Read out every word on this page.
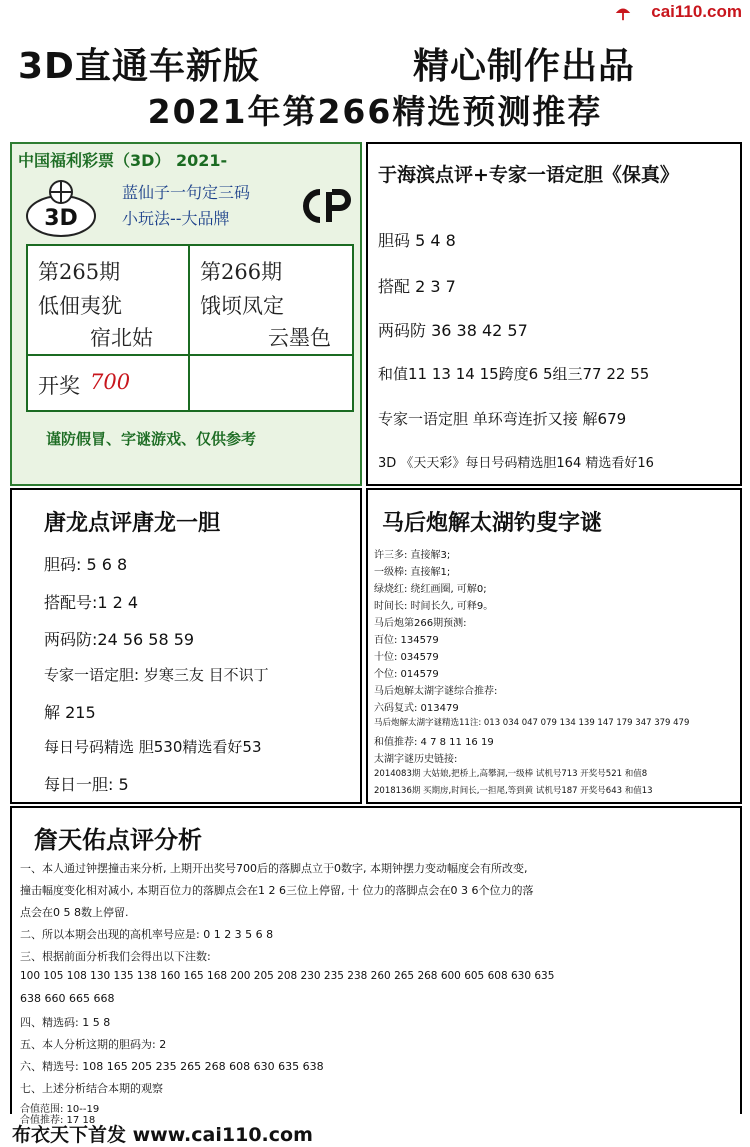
cai110.com
3D直通车新版	精心制作出品
2021年第266精选预测推荐
中国福利彩票（3D） 2021-
3D
蓝仙子一句定三码
小玩法--大品牌
第265期
低佃夷犹
宿北姑
第266期
饿顷凤定
云墨色
开奖 700
谨防假冒、字谜游戏、仅供参考
于海滨点评+专家一语定胆《保真》
胆码 5 4 8
搭配 2 3 7
两码防 36 38 42 57
和值11 13 14 15跨度6 5组三77 22 55
专家一语定胆 单环弯连折又接 解679
3D 《天天彩》每日号码精选胆164 精选看好16
唐龙点评唐龙一胆
胆码: 5 6 8
搭配号:1 2 4
两码防:24 56 58 59
专家一语定胆: 岁寒三友 目不识丁
解 215
每日号码精选 胆530精选看好53
每日一胆: 5
马后炮解太湖钓叟字谜
许三多: 直接解3;
一级棒: 直接解1;
绿烧红: 绕红画圈, 可解0;
时间长: 时间长久, 可释9。
马后炮第266期预测:
百位: 134579
十位: 034579
个位: 014579
马后炮解太湖字谜综合推荐:
六码复式: 013479
马后炮解太湖字谜精选11注: 013 034 047 079 134 139 147 179 347 379 479
和值推荐: 4 7 8 11 16 19
太湖字谜历史链接:
2014083期 大姑娘,把桥上,高攀洞,一级棒 试机号713 开奖号521 和值8
2018136期 买期房,时间长,一担尾,等到黄 试机号187 开奖号643 和值13
詹天佑点评分析
一、本人通过钟摆撞击来分析, 上期开出奖号700后的落脚点立于0数字, 本期钟摆力变动幅度会有所改变,
撞击幅度变化相对减小, 本期百位力的落脚点会在1 2 6三位上停留, 十 位力的落脚点会在0 3 6个位力的落
点会在0 5 8数上停留.
二、所以本期会出现的高机率号应是: 0 1 2 3 5 6 8
三、根据前面分析我们会得出以下注数:
100 105 108 130 135 138 160 165 168 200 205 208 230 235 238 260 265 268 600 605 608 630 635
638 660 665 668
四、精选码: 1 5 8
五、本人分析这期的胆码为: 2
六、精选号: 108 165 205 235 265 268 608 630 635 638
七、上述分析结合本期的观察
合值范围: 10--19
合值推荐: 17 18
布衣天下首发 www.cai110.com
